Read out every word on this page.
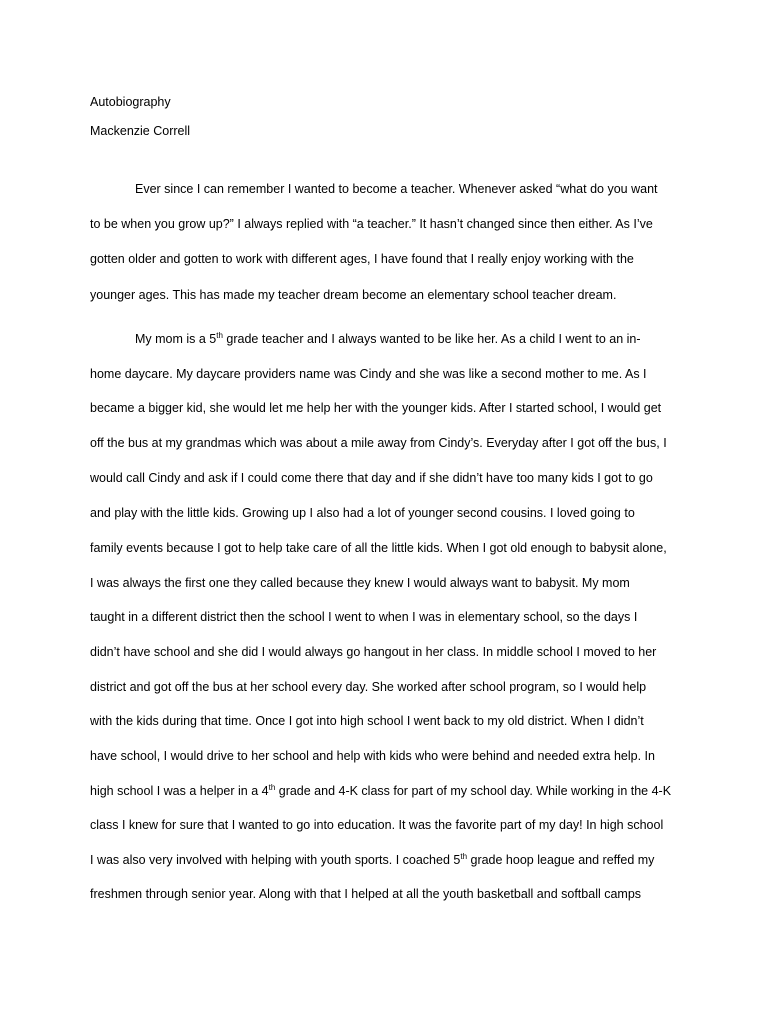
Autobiography
Mackenzie Correll
Ever since I can remember I wanted to become a teacher. Whenever asked “what do you want
to be when you grow up?” I always replied with “a teacher.” It hasn’t changed since then either. As I’ve
gotten older and gotten to work with different ages, I have found that I really enjoy working with the
younger ages. This has made my teacher dream become an elementary school teacher dream.
My mom is a 5th grade teacher and I always wanted to be like her. As a child I went to an in-
home daycare. My daycare providers name was Cindy and she was like a second mother to me. As I
became a bigger kid, she would let me help her with the younger kids. After I started school, I would get
off the bus at my grandmas which was about a mile away from Cindy’s. Everyday after I got off the bus, I
would call Cindy and ask if I could come there that day and if she didn’t have too many kids I got to go
and play with the little kids. Growing up I also had a lot of younger second cousins. I loved going to
family events because I got to help take care of all the little kids. When I got old enough to babysit alone,
I was always the first one they called because they knew I would always want to babysit. My mom
taught in a different district then the school I went to when I was in elementary school, so the days I
didn’t have school and she did I would always go hangout in her class. In middle school I moved to her
district and got off the bus at her school every day. She worked after school program, so I would help
with the kids during that time. Once I got into high school I went back to my old district. When I didn’t
have school, I would drive to her school and help with kids who were behind and needed extra help. In
high school I was a helper in a 4th grade and 4-K class for part of my school day. While working in the 4-K
class I knew for sure that I wanted to go into education. It was the favorite part of my day! In high school
I was also very involved with helping with youth sports. I coached 5th grade hoop league and reffed my
freshmen through senior year. Along with that I helped at all the youth basketball and softball camps
